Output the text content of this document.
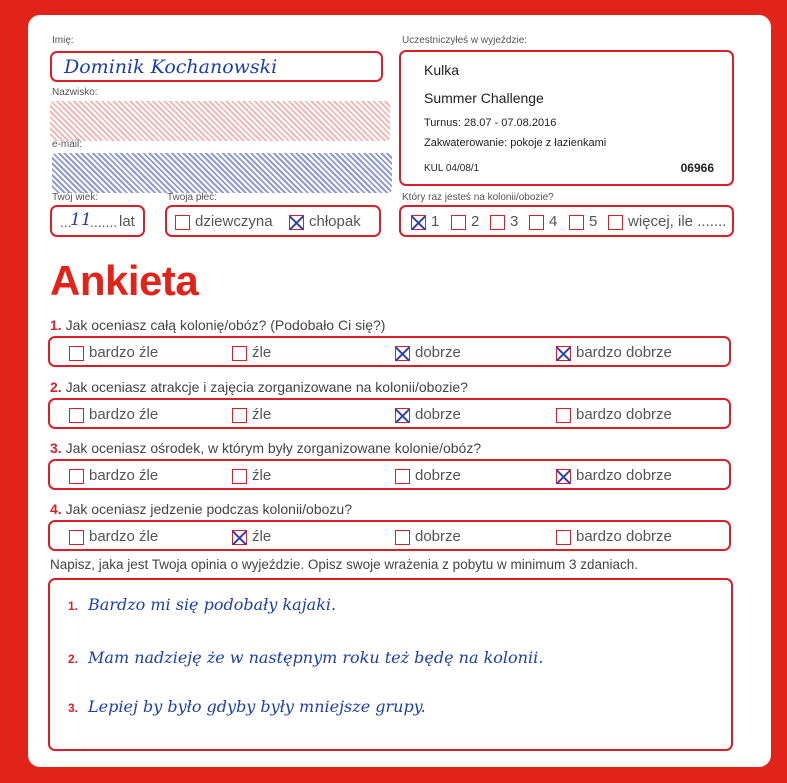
Imię:
Dominik Kochanowski
Nazwisko:
e-mail:
Uczestniczyłeś w wyjeździe:
Kulka
Summer Challenge
Turnus: 28.07 - 07.08.2016
Zakwaterowanie: pokoje z łazienkami
KUL 04/08/1	06966
Twój wiek:
...
11
....... lat
Twoja płeć:
dziewczyna	chłopak
Który raz jesteś na kolonii/obozie?
1	2	3	4	5	więcej, ile .......
Ankieta
1. Jak oceniasz całą kolonię/obóz? (Podobało Ci się?)
bardzo źle	źle	dobrze	bardzo dobrze
2. Jak oceniasz atrakcje i zajęcia zorganizowane na kolonii/obozie?
bardzo źle	źle	dobrze	bardzo dobrze
3. Jak oceniasz ośrodek, w którym były zorganizowane kolonie/obóz?
bardzo źle	źle	dobrze	bardzo dobrze
4. Jak oceniasz jedzenie podczas kolonii/obozu?
bardzo źle	źle	dobrze	bardzo dobrze
Napisz, jaka jest Twoja opinia o wyjeździe. Opisz swoje wrażenia z pobytu w minimum 3 zdaniach.
1. Bardzo mi się podobały kajaki.
2. Mam nadzieję że w następnym roku też będę na kolonii.
3. Lepiej by było gdyby były mniejsze grupy.
